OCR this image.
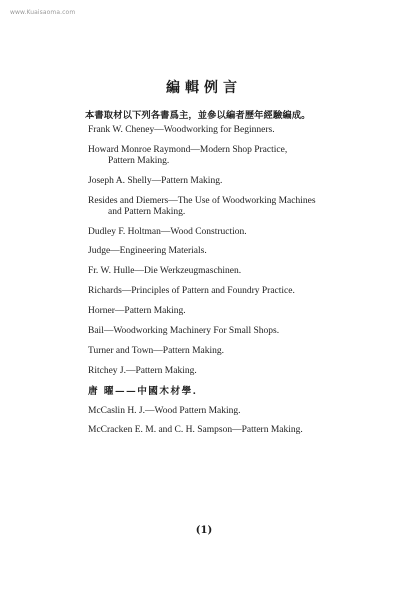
www.Kuaisaoma.com
編輯例言
本書取材以下列各書爲主，並參以編者歷年經驗編成。
Frank W. Cheney—Woodworking for Beginners.
Howard Monroe Raymond—Modern Shop Practice,
Pattern Making.
Joseph A. Shelly—Pattern Making.
Resides and Diemers—The Use of Woodworking Machines
and Pattern Making.
Dudley F. Holtman—Wood Construction.
Judge—Engineering Materials.
Fr. W. Hulle—Die Werkzeugmaschinen.
Richards—Principles of Pattern and Foundry Practice.
Horner—Pattern Making.
Bail—Woodworking Machinery For Small Shops.
Turner and Town—Pattern Making.
Ritchey J.—Pattern Making.
唐 曜——中國木材學.
McCaslin H. J.—Wood Pattern Making.
McCracken E. M. and C. H. Sampson—Pattern Making.
(1)
